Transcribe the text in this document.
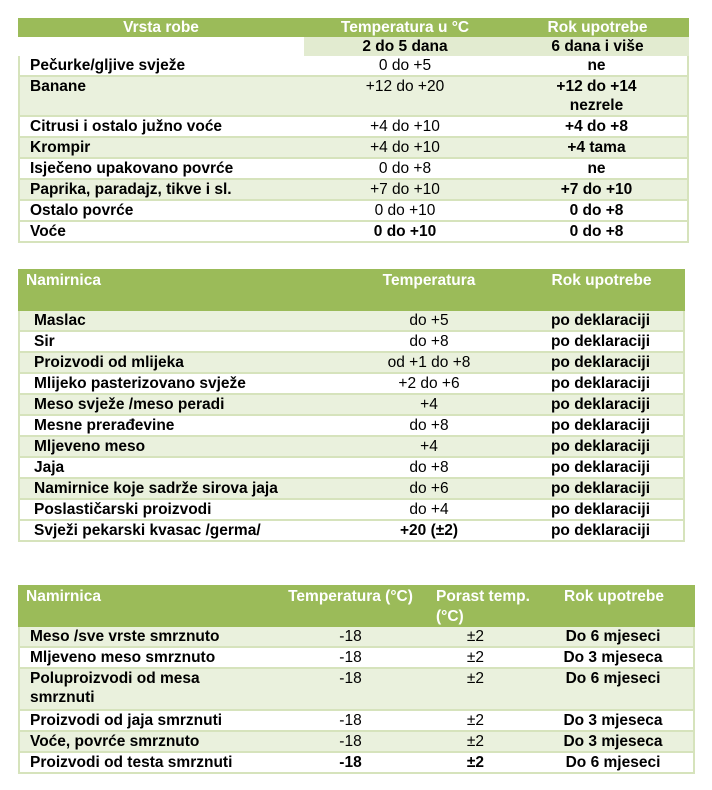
Vrsta robe	Temperatura u °C	Rok upotrebe
	2 do 5 dana	6 dana i više
Pečurke/gljive svježe	0 do +5	ne
Banane	+12 do +20	+12 do +14 nezrele
Citrusi i ostalo južno voće	+4 do +10	+4 do +8
Krompir	+4 do +10	+4 tama
Isječeno upakovano povrće	0 do +8	ne
Paprika, paradajz, tikve i sl.	+7 do +10	+7 do +10
Ostalo povrće	0 do +10	0 do +8
Voće	0 do +10	0 do +8
Namirnica	Temperatura	Rok upotrebe
Maslac	do +5	po deklaraciji
Sir	do +8	po deklaraciji
Proizvodi od mlijeka	od +1 do +8	po deklaraciji
Mlijeko pasterizovano svježe	+2 do +6	po deklaraciji
Meso svježe /meso peradi	+4	po deklaraciji
Mesne prerađevine	do +8	po deklaraciji
Mljeveno meso	+4	po deklaraciji
Jaja	do +8	po deklaraciji
Namirnice koje sadrže sirova jaja	do +6	po deklaraciji
Poslastičarski proizvodi	do +4	po deklaraciji
Svježi pekarski kvasac /germa/	+20 (±2)	po deklaraciji
Namirnica	Temperatura (°C)	Porast temp. (°C)	Rok upotrebe
Meso /sve vrste smrznuto	-18	±2	Do 6 mjeseci
Mljeveno meso smrznuto	-18	±2	Do 3 mjeseca
Poluproizvodi od mesa smrznuti	-18	±2	Do 6 mjeseci
Proizvodi od jaja smrznuti	-18	±2	Do 3 mjeseca
Voće, povrće smrznuto	-18	±2	Do 3 mjeseca
Proizvodi od testa smrznuti	-18	±2	Do 6 mjeseci
